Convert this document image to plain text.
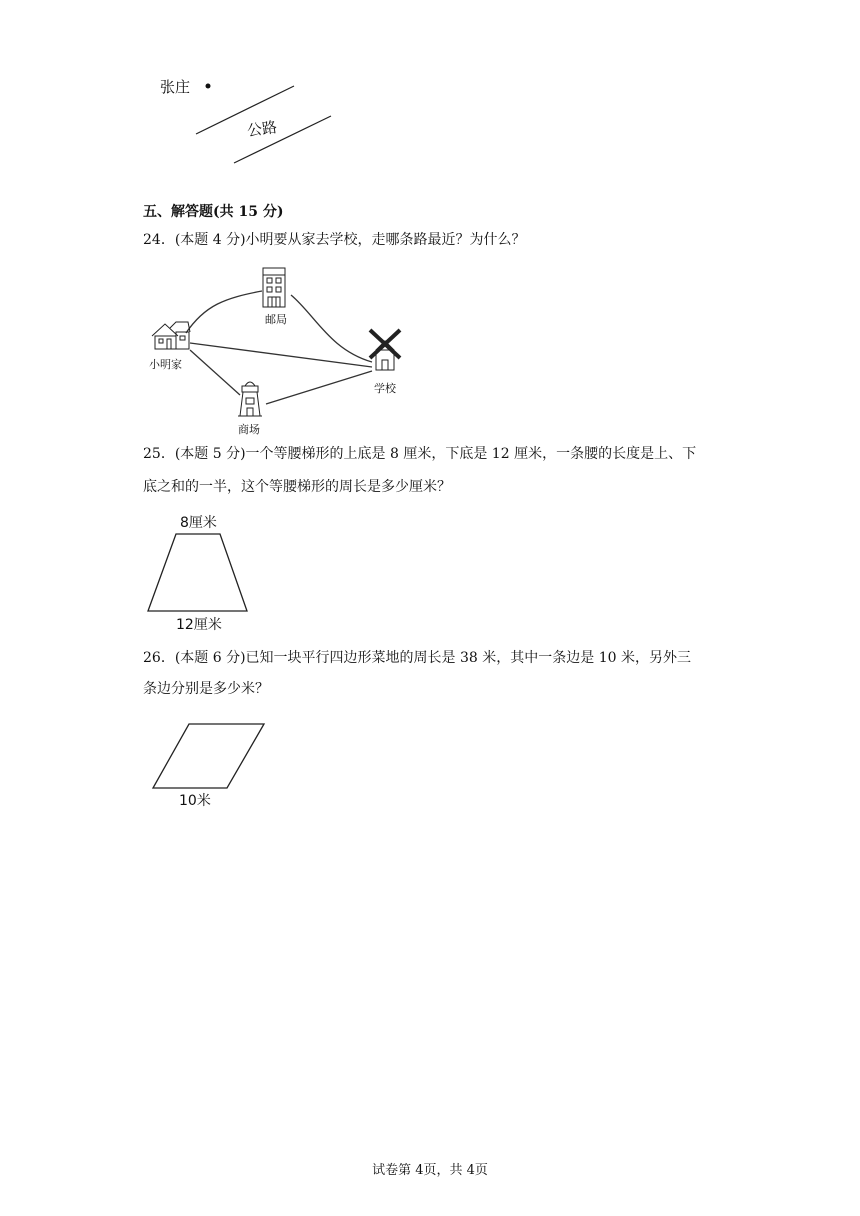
张庄
公路
五、解答题(共 15 分)
24．(本题 4 分)小明要从家去学校，走哪条路最近？为什么？
小明家
邮局
学校
商场
25．(本题 5 分)一个等腰梯形的上底是 8 厘米，下底是 12 厘米，一条腰的长度是上、下
底之和的一半，这个等腰梯形的周长是多少厘米？
8厘米
12厘米
26．(本题 6 分)已知一块平行四边形菜地的周长是 38 米，其中一条边是 10 米，另外三
条边分别是多少米？
10米
试卷第 4页，共 4页
